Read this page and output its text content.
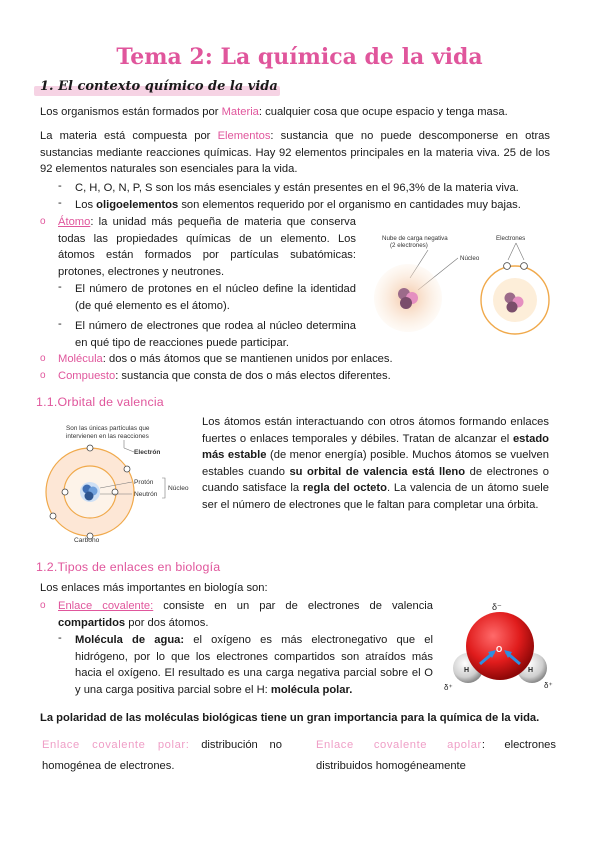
Tema 2: La química de la vida
1. El contexto químico de la vida
Los organismos están formados por Materia: cualquier cosa que ocupe espacio y tenga masa.
La materia está compuesta por Elementos: sustancia que no puede descomponerse en otras sustancias mediante reacciones químicas. Hay 92 elementos principales en la materia viva. 25 de los 92 elementos naturales son esenciales para la vida.
- C, H, O, N, P, S son los más esenciales y están presentes en el 96,3% de la materia viva.
- Los oligoelementos son elementos requerido por el organismo en cantidades muy bajas.
o Átomo: la unidad más pequeña de materia que conserva todas las propiedades químicas de un elemento. Los átomos están formados por partículas subatómicas: protones, electrones y neutrones.
- El número de protones en el núcleo define la identidad (de qué elemento es el átomo).
- El número de electrones que rodea al núcleo determina en qué tipo de reacciones puede participar.
o Molécula: dos o más átomos que se mantienen unidos por enlaces.
o Compuesto: sustancia que consta de dos o más electos diferentes.
Nube de carga negativa
(2 electrones)
Núcleo
Electrones
1.1.Orbital de valencia
Los átomos están interactuando con otros átomos formando enlaces fuertes o enlaces temporales y débiles. Tratan de alcanzar el estado más estable (de menor energía) posible. Muchos átomos se vuelven estables cuando su orbital de valencia está lleno de electrones o cuando satisface la regla del octeto. La valencia de un átomo suele ser el número de electrones que le faltan para completar una órbita.
Son las únicas partículas que
intervienen en las reacciones
Electrón
Protón
Neutrón
Núcleo
Carbono
1.2.Tipos de enlaces en biología
Los enlaces más importantes en biología son:
o Enlace covalente: consiste en un par de electrones de valencia compartidos por dos átomos.
- Molécula de agua: el oxígeno es más electronegativo que el hidrógeno, por lo que los electrones compartidos son atraídos más hacia el oxígeno. El resultado es una carga negativa parcial sobre el O y una carga positiva parcial sobre el H: molécula polar.
δ⁻
O
H	H
δ⁺	δ⁺
La polaridad de las moléculas biológicas tiene un gran importancia para la química de la vida.
Enlace covalente polar: distribución no homogénea de electrones.
Enlace covalente apolar: electrones distribuidos homogéneamente
